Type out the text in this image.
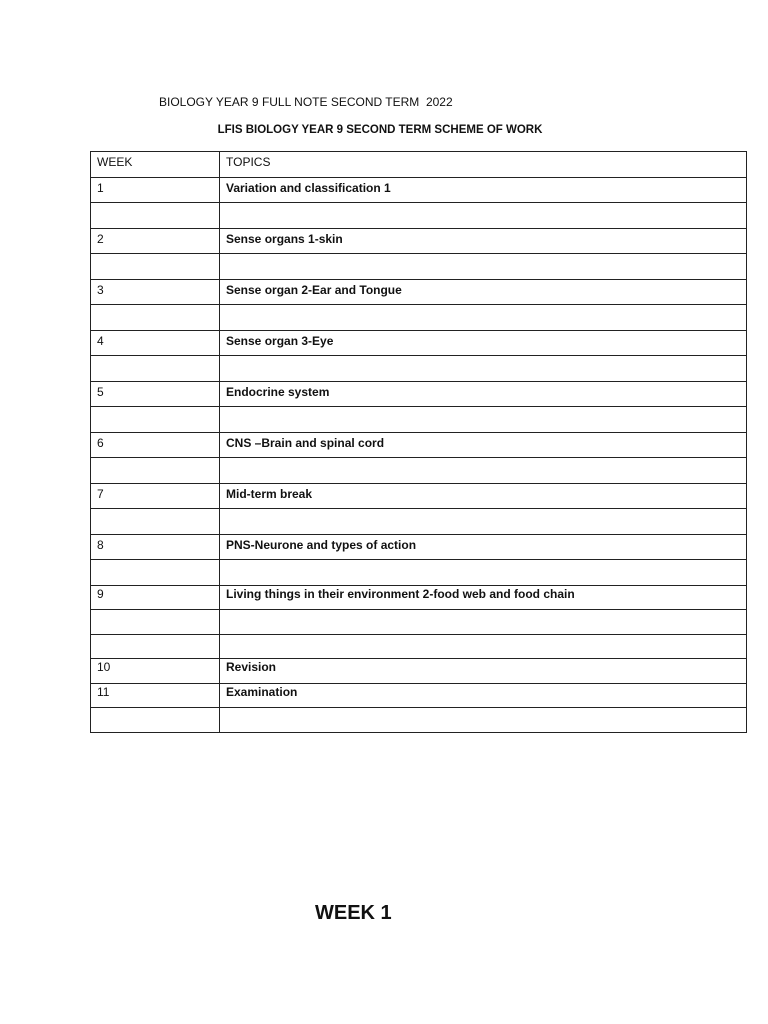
BIOLOGY YEAR 9 FULL NOTE SECOND TERM  2022
LFIS BIOLOGY YEAR 9 SECOND TERM SCHEME OF WORK
WEEK	TOPICS
1	Variation and classification 1

2	Sense organs 1-skin

3	Sense organ 2-Ear and Tongue

4	Sense organ 3-Eye

5	Endocrine system

6	CNS –Brain and spinal cord

7	Mid-term break

8	PNS-Neurone and types of action

9	Living things in their environment 2-food web and food chain

10	Revision
11	Examination

WEEK 1
